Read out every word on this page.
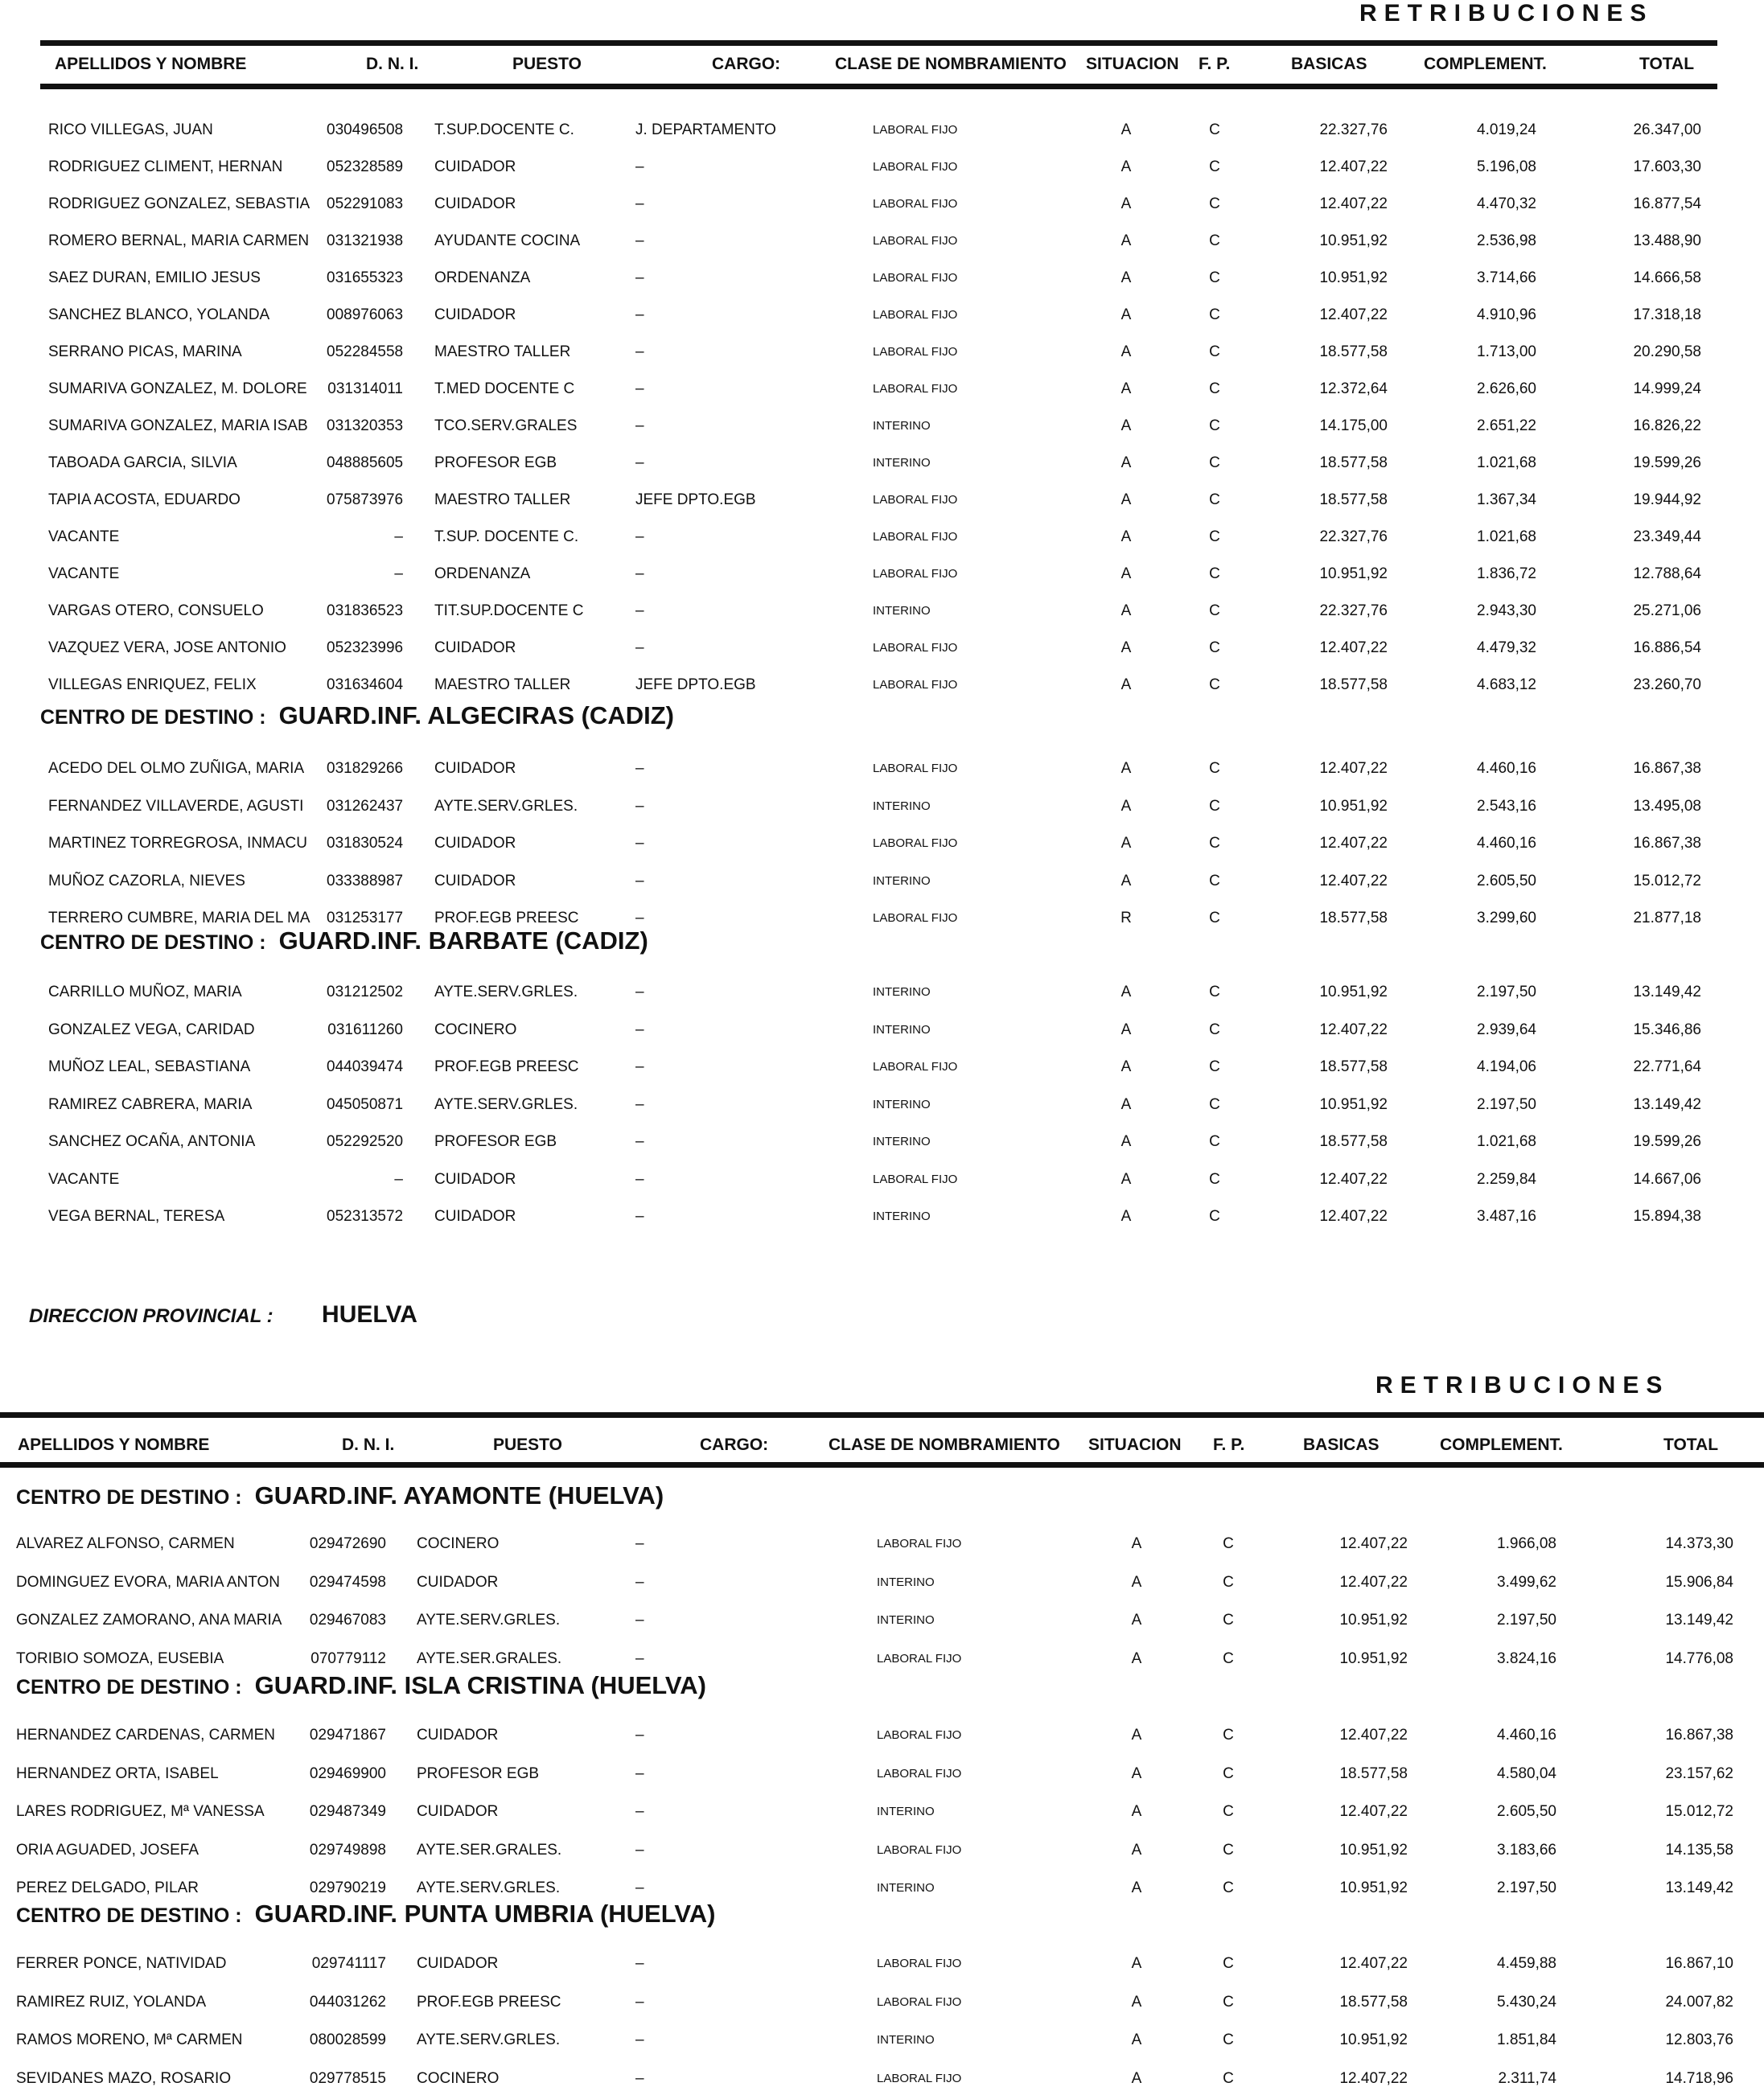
RETRIBUCIONES
APELLIDOS Y NOMBRE	D. N. I.	PUESTO	CARGO:	CLASE DE NOMBRAMIENTO SITUACION F. P.	BASICAS	COMPLEMENT.	TOTAL
RICO VILLEGAS, JUAN	030496508 T.SUP.DOCENTE C.	J. DEPARTAMENTO	LABORAL FIJO	A	C	22.327,76	4.019,24	26.347,00
RODRIGUEZ CLIMENT, HERNAN	052328589 CUIDADOR	–	LABORAL FIJO	A	C	12.407,22	5.196,08	17.603,30
RODRIGUEZ GONZALEZ, SEBASTIA 052291083 CUIDADOR	–	LABORAL FIJO	A	C	12.407,22	4.470,32	16.877,54
ROMERO BERNAL, MARIA CARMEN	031321938 AYUDANTE COCINA	–	LABORAL FIJO	A	C	10.951,92	2.536,98	13.488,90
SAEZ DURAN, EMILIO JESUS	031655323 ORDENANZA	–	LABORAL FIJO	A	C	10.951,92	3.714,66	14.666,58
SANCHEZ BLANCO, YOLANDA	008976063 CUIDADOR	–	LABORAL FIJO	A	C	12.407,22	4.910,96	17.318,18
SERRANO PICAS, MARINA	052284558 MAESTRO TALLER	–	LABORAL FIJO	A	C	18.577,58	1.713,00	20.290,58
SUMARIVA GONZALEZ, M. DOLORE	031314011 T.MED DOCENTE C	–	LABORAL FIJO	A	C	12.372,64	2.626,60	14.999,24
SUMARIVA GONZALEZ, MARIA ISAB	031320353 TCO.SERV.GRALES	–	INTERINO	A	C	14.175,00	2.651,22	16.826,22
TABOADA GARCIA, SILVIA	048885605 PROFESOR EGB	–	INTERINO	A	C	18.577,58	1.021,68	19.599,26
TAPIA ACOSTA, EDUARDO	075873976 MAESTRO TALLER	JEFE DPTO.EGB	LABORAL FIJO	A	C	18.577,58	1.367,34	19.944,92
VACANTE	– T.SUP. DOCENTE C.	–	LABORAL FIJO	A	C	22.327,76	1.021,68	23.349,44
VACANTE	– ORDENANZA	–	LABORAL FIJO	A	C	10.951,92	1.836,72	12.788,64
VARGAS OTERO, CONSUELO	031836523 TIT.SUP.DOCENTE C	–	INTERINO	A	C	22.327,76	2.943,30	25.271,06
VAZQUEZ VERA, JOSE ANTONIO	052323996 CUIDADOR	–	LABORAL FIJO	A	C	12.407,22	4.479,32	16.886,54
VILLEGAS ENRIQUEZ, FELIX	031634604 MAESTRO TALLER	JEFE DPTO.EGB	LABORAL FIJO	A	C	18.577,58	4.683,12	23.260,70
CENTRO DE DESTINO : GUARD.INF. ALGECIRAS (CADIZ)
ACEDO DEL OLMO ZUÑIGA, MARIA	031829266 CUIDADOR	–	LABORAL FIJO	A	C	12.407,22	4.460,16	16.867,38
FERNANDEZ VILLAVERDE, AGUSTI	031262437 AYTE.SERV.GRLES.	–	INTERINO	A	C	10.951,92	2.543,16	13.495,08
MARTINEZ TORREGROSA, INMACU	031830524 CUIDADOR	–	LABORAL FIJO	A	C	12.407,22	4.460,16	16.867,38
MUÑOZ CAZORLA, NIEVES	033388987 CUIDADOR	–	INTERINO	A	C	12.407,22	2.605,50	15.012,72
TERRERO CUMBRE, MARIA DEL MA 031253177 PROF.EGB PREESC	–	LABORAL FIJO	R	C	18.577,58	3.299,60	21.877,18
CENTRO DE DESTINO : GUARD.INF. BARBATE (CADIZ)
CARRILLO MUÑOZ, MARIA	031212502 AYTE.SERV.GRLES.	–	INTERINO	A	C	10.951,92	2.197,50	13.149,42
GONZALEZ VEGA, CARIDAD	031611260 COCINERO	–	INTERINO	A	C	12.407,22	2.939,64	15.346,86
MUÑOZ LEAL, SEBASTIANA	044039474 PROF.EGB PREESC	–	LABORAL FIJO	A	C	18.577,58	4.194,06	22.771,64
RAMIREZ CABRERA, MARIA	045050871 AYTE.SERV.GRLES.	–	INTERINO	A	C	10.951,92	2.197,50	13.149,42
SANCHEZ OCAÑA, ANTONIA	052292520 PROFESOR EGB	–	INTERINO	A	C	18.577,58	1.021,68	19.599,26
VACANTE	– CUIDADOR	–	LABORAL FIJO	A	C	12.407,22	2.259,84	14.667,06
VEGA BERNAL, TERESA	052313572 CUIDADOR	–	INTERINO	A	C	12.407,22	3.487,16	15.894,38
DIRECCION PROVINCIAL : HUELVA
RETRIBUCIONES
APELLIDOS Y NOMBRE	D. N. I.	PUESTO	CARGO:	CLASE DE NOMBRAMIENTO SITUACION F. P.	BASICAS	COMPLEMENT.	TOTAL
CENTRO DE DESTINO : GUARD.INF. AYAMONTE (HUELVA)
ALVAREZ ALFONSO, CARMEN	029472690 COCINERO	–	LABORAL FIJO	A	C	12.407,22	1.966,08	14.373,30
DOMINGUEZ EVORA, MARIA ANTON	029474598 CUIDADOR	–	INTERINO	A	C	12.407,22	3.499,62	15.906,84
GONZALEZ ZAMORANO, ANA MARIA	029467083 AYTE.SERV.GRLES.	–	INTERINO	A	C	10.951,92	2.197,50	13.149,42
TORIBIO SOMOZA, EUSEBIA	070779112 AYTE.SER.GRALES.	–	LABORAL FIJO	A	C	10.951,92	3.824,16	14.776,08
CENTRO DE DESTINO : GUARD.INF. ISLA CRISTINA (HUELVA)
HERNANDEZ CARDENAS, CARMEN	029471867 CUIDADOR	–	LABORAL FIJO	A	C	12.407,22	4.460,16	16.867,38
HERNANDEZ ORTA, ISABEL	029469900 PROFESOR EGB	–	LABORAL FIJO	A	C	18.577,58	4.580,04	23.157,62
LARES RODRIGUEZ, Mª VANESSA	029487349 CUIDADOR	–	INTERINO	A	C	12.407,22	2.605,50	15.012,72
ORIA AGUADED, JOSEFA	029749898 AYTE.SER.GRALES.	–	LABORAL FIJO	A	C	10.951,92	3.183,66	14.135,58
PEREZ DELGADO, PILAR	029790219 AYTE.SERV.GRLES.	–	INTERINO	A	C	10.951,92	2.197,50	13.149,42
CENTRO DE DESTINO : GUARD.INF. PUNTA UMBRIA (HUELVA)
FERRER PONCE, NATIVIDAD	029741117 CUIDADOR	–	LABORAL FIJO	A	C	12.407,22	4.459,88	16.867,10
RAMIREZ RUIZ, YOLANDA	044031262 PROF.EGB PREESC	–	LABORAL FIJO	A	C	18.577,58	5.430,24	24.007,82
RAMOS MORENO, Mª CARMEN	080028599 AYTE.SERV.GRLES.	–	INTERINO	A	C	10.951,92	1.851,84	12.803,76
SEVIDANES MAZO, ROSARIO	029778515 COCINERO	–	LABORAL FIJO	A	C	12.407,22	2.311,74	14.718,96
